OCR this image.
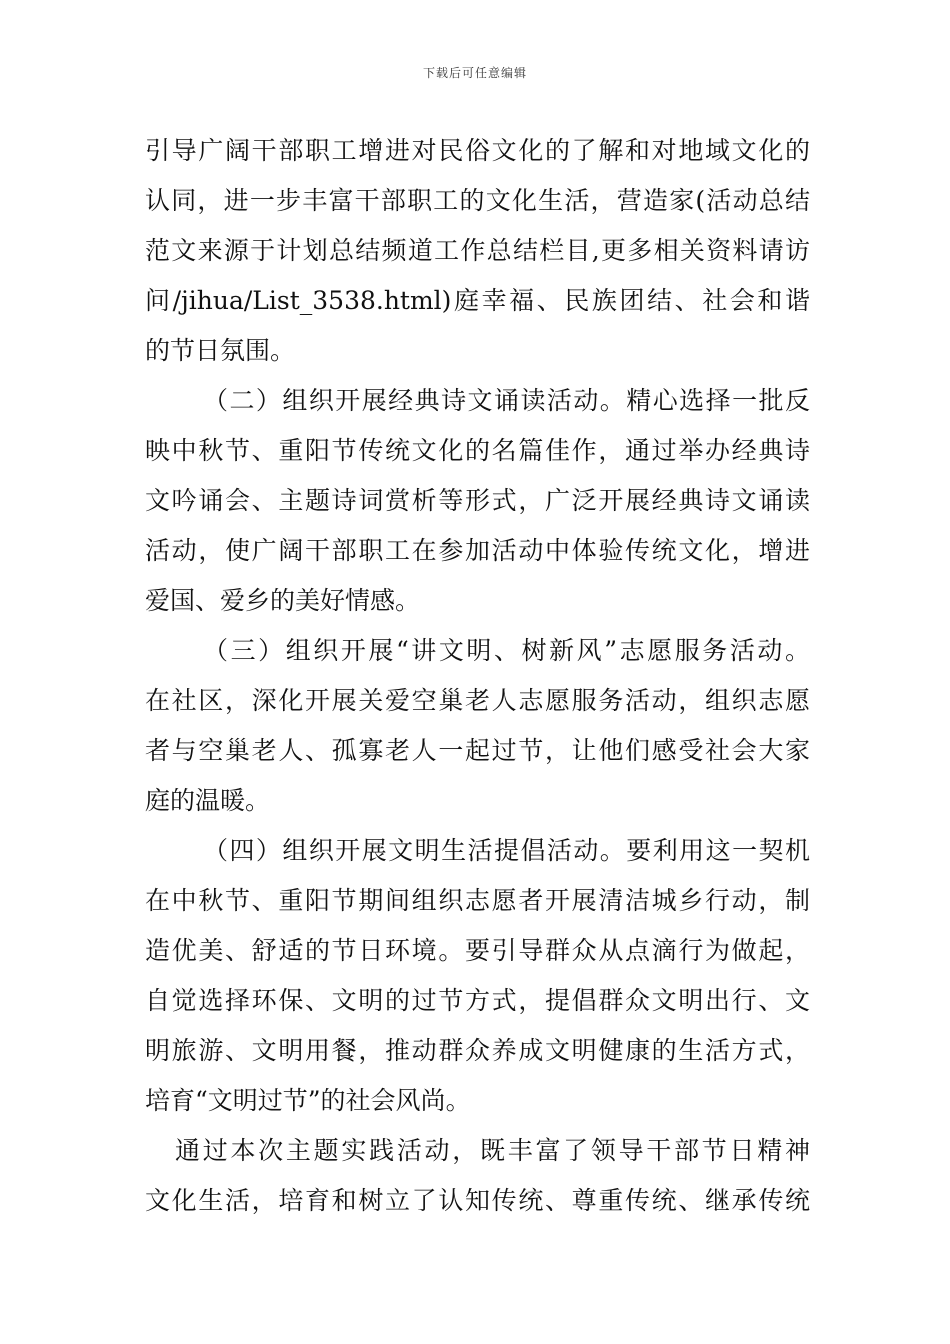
下载后可任意编辑
引导广阔干部职工增进对民俗文化的了解和对地域文化的
认同，进一步丰富干部职工的文化生活，营造家(活动总结
范文来源于计划总结频道工作总结栏目,更多相关资料请访
问/jihua/List_3538.html)庭幸福、民族团结、社会和谐
的节日氛围。
（二）组织开展经典诗文诵读活动。精心选择一批反
映中秋节、重阳节传统文化的名篇佳作，通过举办经典诗
文吟诵会、主题诗词赏析等形式，广泛开展经典诗文诵读
活动，使广阔干部职工在参加活动中体验传统文化，增进
爱国、爱乡的美好情感。
（三）组织开展“讲文明、树新风”志愿服务活动。
在社区，深化开展关爱空巢老人志愿服务活动，组织志愿
者与空巢老人、孤寡老人一起过节，让他们感受社会大家
庭的温暖。
（四）组织开展文明生活提倡活动。要利用这一契机
在中秋节、重阳节期间组织志愿者开展清洁城乡行动，制
造优美、舒适的节日环境。要引导群众从点滴行为做起，
自觉选择环保、文明的过节方式，提倡群众文明出行、文
明旅游、文明用餐，推动群众养成文明健康的生活方式，
培育“文明过节”的社会风尚。
通过本次主题实践活动，既丰富了领导干部节日精神
文化生活，培育和树立了认知传统、尊重传统、继承传统
